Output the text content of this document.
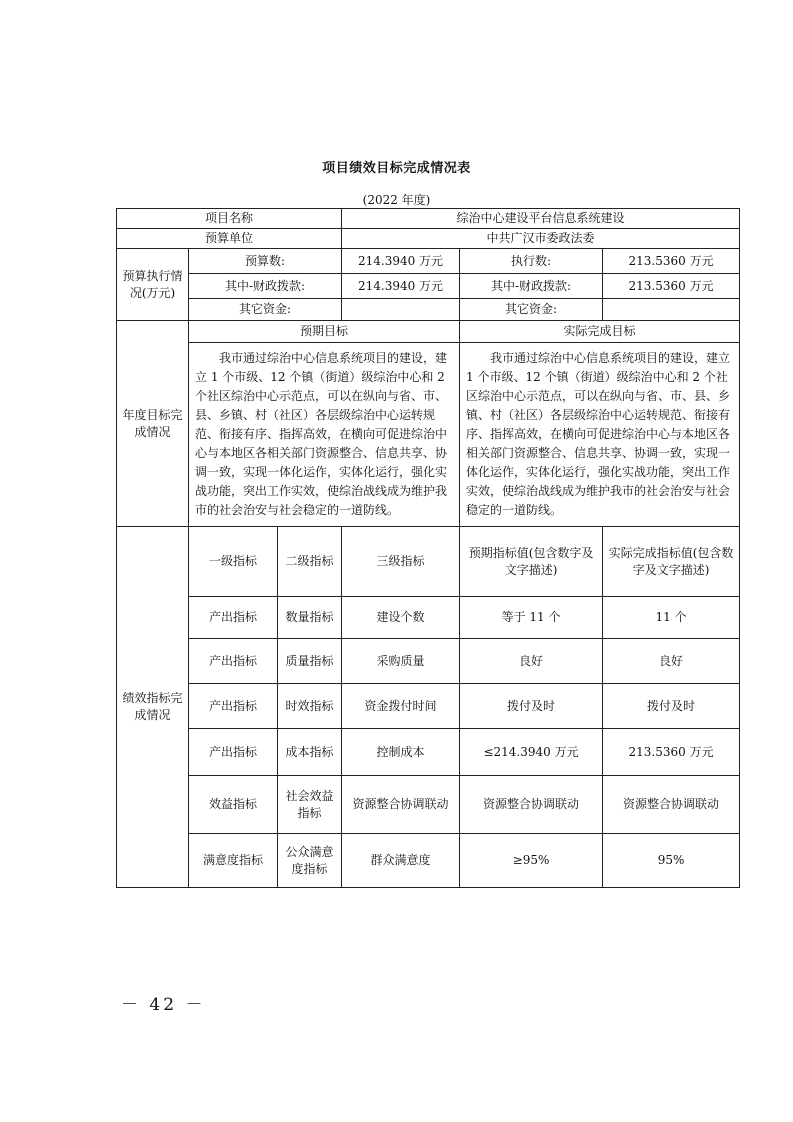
项目绩效目标完成情况表
(2022 年度)
项目名称			综治中心建设平台信息系统建设		
预算单位			中共广汉市委政法委		
预算执行情况(万元)	预算数:		214.3940 万元	执行数:	213.5360 万元
	其中-财政拨款:		214.3940 万元	其中-财政拨款:	213.5360 万元
	其它资金:			其它资金:	
年度目标完成情况	预期目标			实际完成目标	
	我市通过综治中心信息系统项目的建设，建立 1 个市级、12 个镇（街道）级综治中心和 2 个社区综治中心示范点，可以在纵向与省、市、县、乡镇、村（社区）各层级综治中心运转规范、衔接有序、指挥高效，在横向可促进综治中心与本地区各相关部门资源整合、信息共享、协调一致，实现一体化运作，实体化运行，强化实战功能，突出工作实效，使综治战线成为维护我市的社会治安与社会稳定的一道防线。			我市通过综治中心信息系统项目的建设，建立 1 个市级、12 个镇（街道）级综治中心和 2 个社区综治中心示范点，可以在纵向与省、市、县、乡镇、村（社区）各层级综治中心运转规范、衔接有序、指挥高效，在横向可促进综治中心与本地区各相关部门资源整合、信息共享、协调一致，实现一体化运作，实体化运行，强化实战功能，突出工作实效，使综治战线成为维护我市的社会治安与社会稳定的一道防线。	
绩效指标完成情况	一级指标	二级指标	三级指标	预期指标值(包含数字及文字描述)	实际完成指标值(包含数字及文字描述)
	产出指标	数量指标	建设个数	等于 11 个	11 个
	产出指标	质量指标	采购质量	良好	良好
	产出指标	时效指标	资金拨付时间	拨付及时	拨付及时
	产出指标	成本指标	控制成本	≤214.3940 万元	213.5360 万元
	效益指标	社会效益指标	资源整合协调联动	资源整合协调联动	资源整合协调联动
	满意度指标	公众满意度指标	群众满意度	≥95%	95%
－ 42 －
